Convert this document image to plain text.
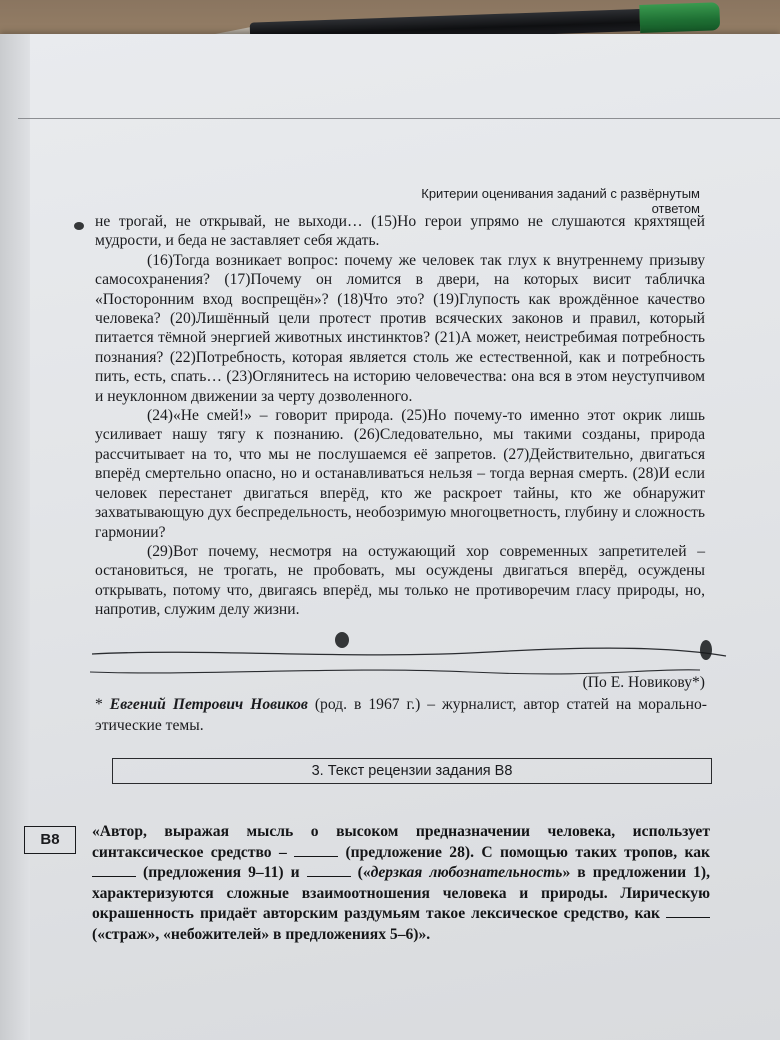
Критерии оценивания заданий с развёрнутым ответом

не трогай, не открывай, не выходи… (15)Но герои упрямо не слушаются кряхтящей мудрости, и беда не заставляет себя ждать.

(16)Тогда возникает вопрос: почему же человек так глух к внутреннему призыву самосохранения? (17)Почему он ломится в двери, на которых висит табличка «Посторонним вход воспрещён»? (18)Что это? (19)Глупость как врождённое качество человека? (20)Лишённый цели протест против всяческих законов и правил, который питается тёмной энергией животных инстинктов? (21)А может, неистребимая потребность познания? (22)Потребность, которая является столь же естественной, как и потребность пить, есть, спать… (23)Оглянитесь на историю человечества: она вся в этом неуступчивом и неуклонном движении за черту дозволенного.

(24)«Не смей!» – говорит природа. (25)Но почему-то именно этот окрик лишь усиливает нашу тягу к познанию. (26)Следовательно, мы такими созданы, природа рассчитывает на то, что мы не послушаемся её запретов. (27)Действительно, двигаться вперёд смертельно опасно, но и останавливаться нельзя – тогда верная смерть. (28)И если человек перестанет двигаться вперёд, кто же раскроет тайны, кто же обнаружит захватывающую дух беспредельность, необозримую многоцветность, глубину и сложность гармонии?

(29)Вот почему, несмотря на остужающий хор современных запретителей – остановиться, не трогать, не пробовать, мы осуждены двигаться вперёд, осуждены открывать, потому что, двигаясь вперёд, мы только не противоречим гласу природы, но, напротив, служим делу жизни.

(По Е. Новикову*)
* Евгений Петрович Новиков (род. в 1967 г.) – журналист, автор статей на морально-этические темы.
3. Текст рецензии задания В8
В8	«Автор, выражая мысль о высоком предназначении человека, использует синтаксическое средство –	(предложение 28). С помощью таких тропов, как  (предложения 9–11) и	(«дерзкая любознательность» в предложении 1), характеризуются сложные взаимоотношения человека и природы. Лирическую окрашенность придаёт авторским раздумьям такое лексическое средство, как  («страж», «небожителей» в предложениях 5–6)».
